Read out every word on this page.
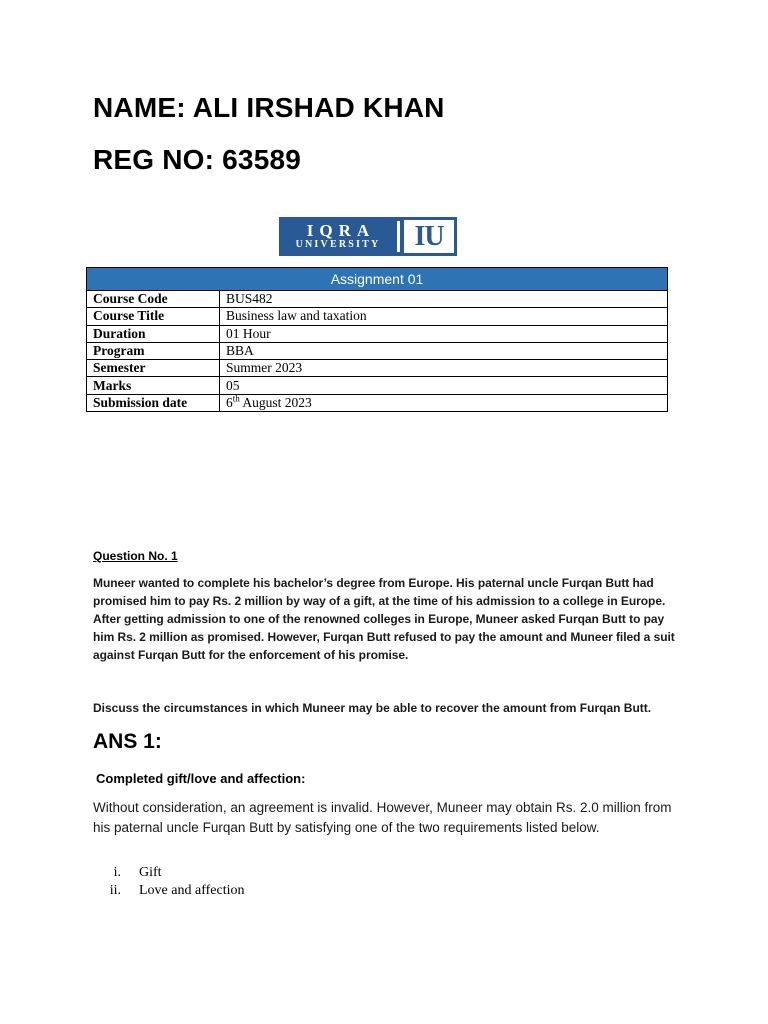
NAME: ALI IRSHAD KHAN
REG NO: 63589
IQRA
UNIVERSITY	IU
Assignment 01	
Course Code	BUS482
Course Title	Business law and taxation
Duration	01 Hour
Program	BBA
Semester	Summer 2023
Marks	05
Submission date	6th August 2023

Question No. 1

Muneer wanted to complete his bachelor’s degree from Europe. His paternal uncle Furqan Butt had promised him to pay Rs. 2 million by way of a gift, at the time of his admission to a college in Europe. After getting admission to one of the renowned colleges in Europe, Muneer asked Furqan Butt to pay him Rs. 2 million as promised. However, Furqan Butt refused to pay the amount and Muneer filed a suit against Furqan Butt for the enforcement of his promise.

Discuss the circumstances in which Muneer may be able to recover the amount from Furqan Butt.

ANS 1:

Completed gift/love and affection:

Without consideration, an agreement is invalid. However, Muneer may obtain Rs. 2.0 million from his paternal uncle Furqan Butt by satisfying one of the two requirements listed below.

i.	Gift
ii.	Love and affection
